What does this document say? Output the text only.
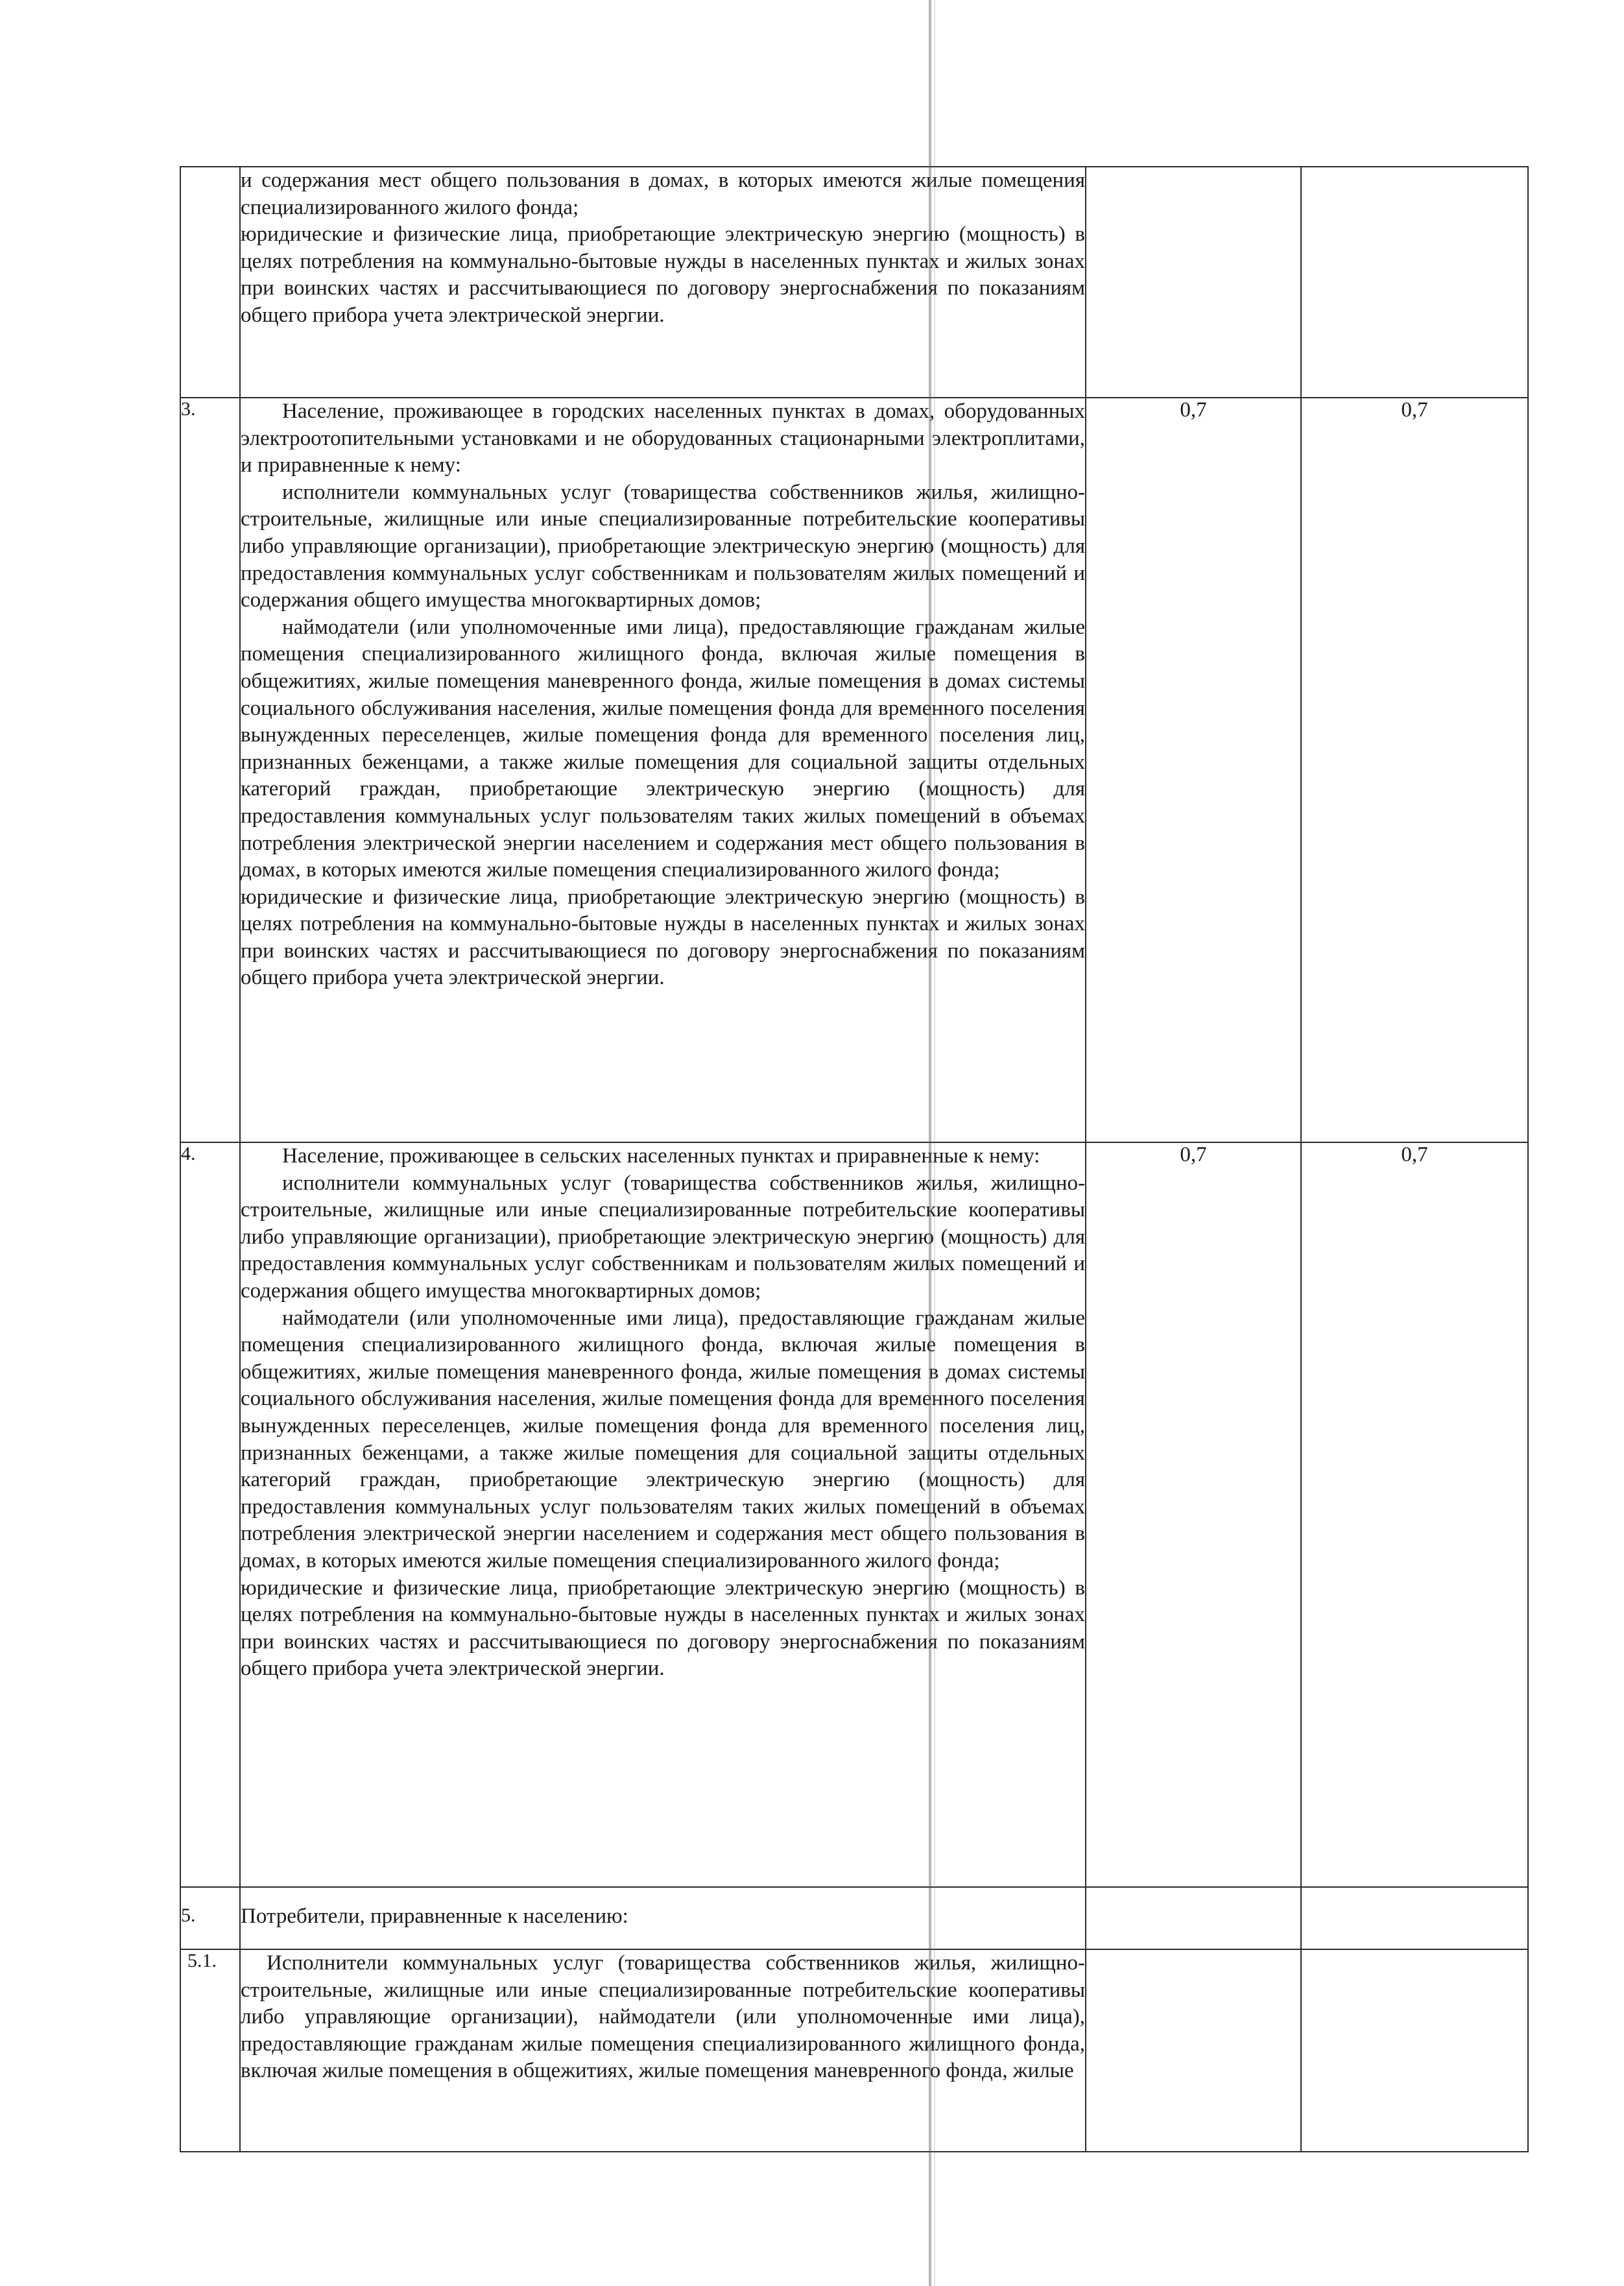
	и содержания мест общего пользования в домах, в которых имеются жилые помещения специализированного жилого фонда;

юридические и физические лица, приобретающие электрическую энергию (мощность) в целях потребления на коммунально-бытовые нужды в населенных пунктах и жилых зонах при воинских частях и рассчитывающиеся по договору энергоснабжения по показаниям общего прибора учета электрической энергии.		

3.	Население, проживающее в городских населенных пунктах в домах, оборудованных электроотопительными установками и не оборудованных стационарными электроплитами, и приравненные к нему:

исполнители коммунальных услуг (товарищества собственников жилья, жилищно-строительные, жилищные или иные специализированные потребительские кооперативы либо управляющие организации), приобретающие электрическую энергию (мощность) для предоставления коммунальных услуг собственникам и пользователям жилых помещений и содержания общего имущества многоквартирных домов;

наймодатели (или уполномоченные ими лица), предоставляющие гражданам жилые помещения специализированного жилищного фонда, включая жилые помещения в общежитиях, жилые помещения маневренного фонда, жилые помещения в домах системы социального обслуживания населения, жилые помещения фонда для временного поселения вынужденных переселенцев, жилые помещения фонда для временного поселения лиц, признанных беженцами, а также жилые помещения для социальной защиты отдельных категорий граждан, приобретающие электрическую энергию (мощность) для предоставления коммунальных услуг пользователям таких жилых помещений в объемах потребления электрической энергии населением и содержания мест общего пользования в домах, в которых имеются жилые помещения специализированного жилого фонда;

юридические и физические лица, приобретающие электрическую энергию (мощность) в целях потребления на коммунально-бытовые нужды в населенных пунктах и жилых зонах при воинских частях и рассчитывающиеся по договору энергоснабжения по показаниям общего прибора учета электрической энергии.	0,7	0,7
4.	Население, проживающее в сельских населенных пунктах и приравненные к нему:

исполнители коммунальных услуг (товарищества собственников жилья, жилищно-строительные, жилищные или иные специализированные потребительские кооперативы либо управляющие организации), приобретающие электрическую энергию (мощность) для предоставления коммунальных услуг собственникам и пользователям жилых помещений и содержания общего имущества многоквартирных домов;

наймодатели (или уполномоченные ими лица), предоставляющие гражданам жилые помещения специализированного жилищного фонда, включая жилые помещения в общежитиях, жилые помещения маневренного фонда, жилые помещения в домах системы социального обслуживания населения, жилые помещения фонда для временного поселения вынужденных переселенцев, жилые помещения фонда для временного поселения лиц, признанных беженцами, а также жилые помещения для социальной защиты отдельных категорий граждан, приобретающие электрическую энергию (мощность) для предоставления коммунальных услуг пользователям таких жилых помещений в объемах потребления электрической энергии населением и содержания мест общего пользования в домах, в которых имеются жилые помещения специализированного жилого фонда;

юридические и физические лица, приобретающие электрическую энергию (мощность) в целях потребления на коммунально-бытовые нужды в населенных пунктах и жилых зонах при воинских частях и рассчитывающиеся по договору энергоснабжения по показаниям общего прибора учета электрической энергии.	0,7	0,7
5.	Потребители, приравненные к населению:		
5.1.	Исполнители коммунальных услуг (товарищества собственников жилья, жилищно-строительные, жилищные или иные специализированные потребительские кооперативы либо управляющие организации), наймодатели (или уполномоченные ими лица), предоставляющие гражданам жилые помещения специализированного жилищного фонда, включая жилые помещения в общежитиях, жилые помещения маневренного фонда, жилые		
